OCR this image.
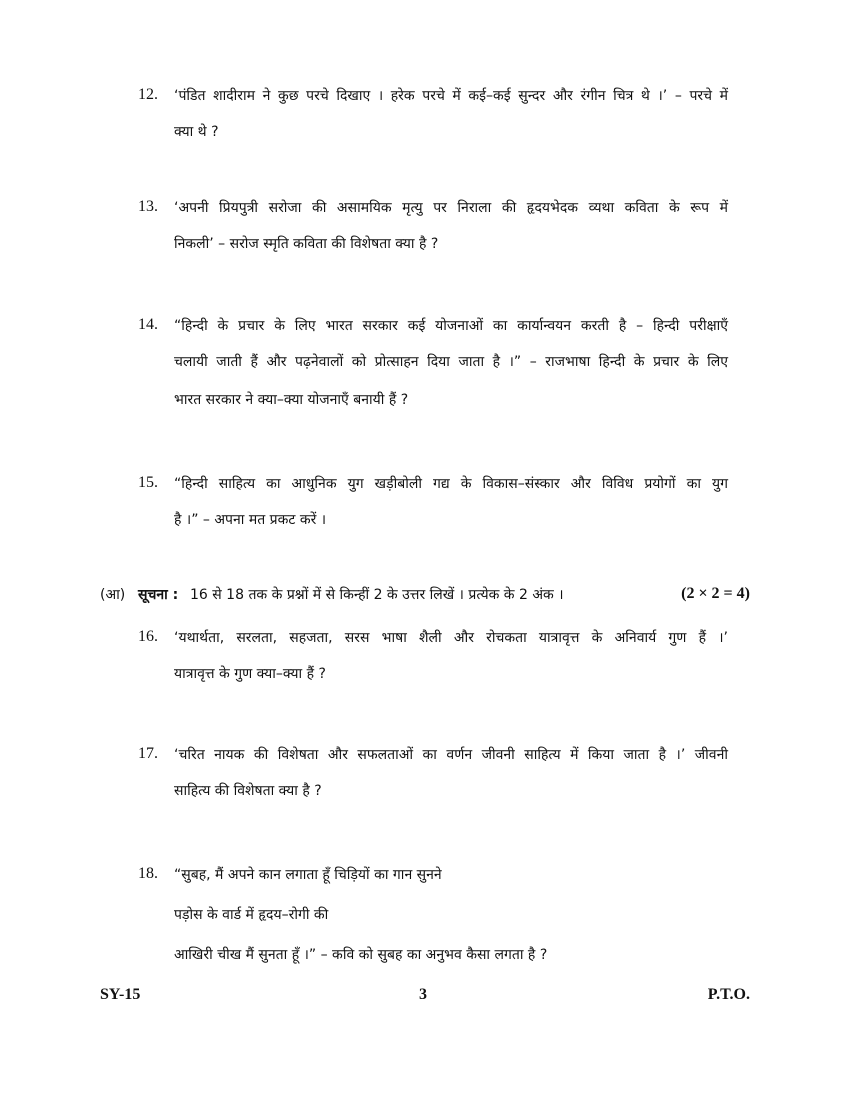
12.	‘पंडित शादीराम ने कुछ परचे दिखाए । हरेक परचे में कई–कई सुन्दर और रंगीन चित्र थे ।’ – परचे में
क्या थे ?
13.	‘अपनी प्रियपुत्री सरोजा की असामयिक मृत्यु पर निराला की हृदयभेदक व्यथा कविता के रूप में
निकली’ – सरोज स्मृति कविता की विशेषता क्या है ?
14.	“हिन्दी के प्रचार के लिए भारत सरकार कई योजनाओं का कार्यान्वयन करती है – हिन्दी परीक्षाएँ
चलायी जाती हैं और पढ़नेवालों को प्रोत्साहन दिया जाता है ।” – राजभाषा हिन्दी के प्रचार के लिए
भारत सरकार ने क्या–क्या योजनाएँ बनायी हैं ?
15.	“हिन्दी साहित्य का आधुनिक युग खड़ीबोली गद्य के विकास–संस्कार और विविध प्रयोगों का युग
है ।” – अपना मत प्रकट करें ।
(आ) सूचना : 16 से 18 तक के प्रश्नों में से किन्हीं 2 के उत्तर लिखें । प्रत्येक के 2 अंक ।	(2 × 2 = 4)
16.	‘यथार्थता, सरलता, सहजता, सरस भाषा शैली और रोचकता यात्रावृत्त के अनिवार्य गुण हैं ।’
यात्रावृत्त के गुण क्या–क्या हैं ?
17.	‘चरित नायक की विशेषता और सफलताओं का वर्णन जीवनी साहित्य में किया जाता है ।’ जीवनी
साहित्य की विशेषता क्या है ?
18.	“सुबह, मैं अपने कान लगाता हूँ चिड़ियों का गान सुनने
पड़ोस के वार्ड में हृदय–रोगी की
आखिरी चीख मैं सुनता हूँ ।” – कवि को सुबह का अनुभव कैसा लगता है ?
SY-15	3	P.T.O.
